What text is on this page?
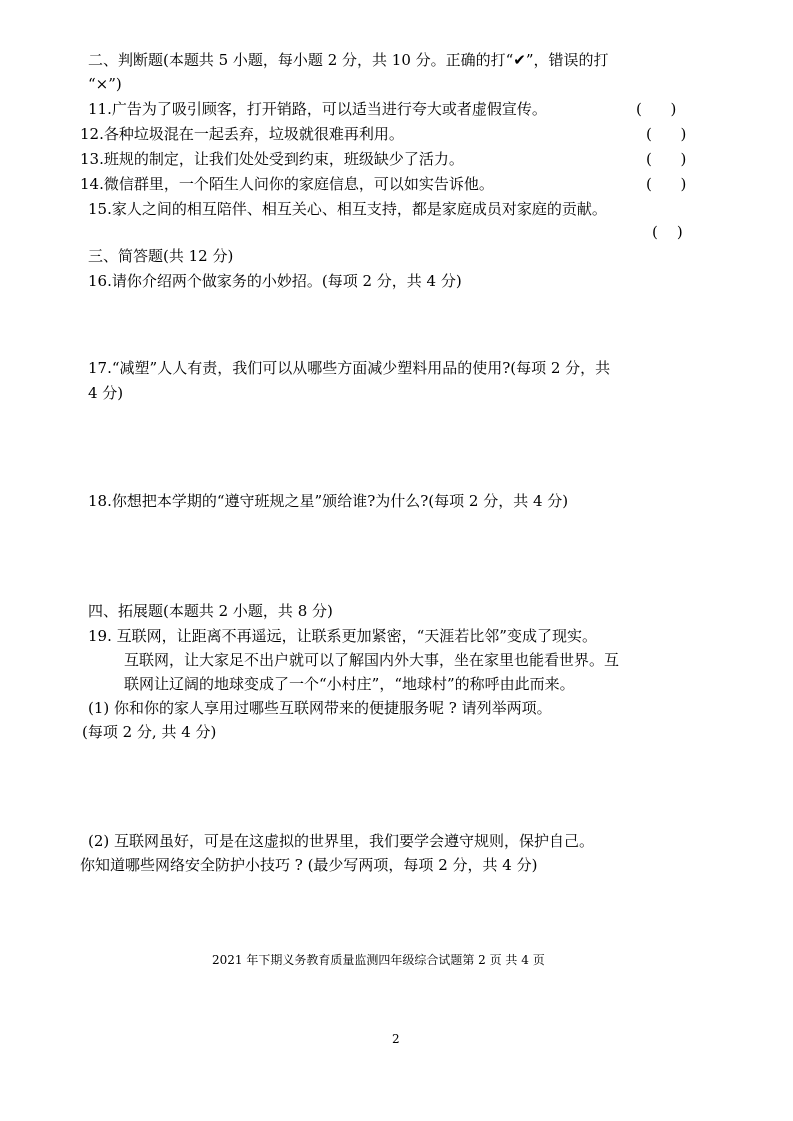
二、判断题(本题共 5 小题，每小题 2 分，共 10 分。正确的打“✔”，错误的打
“×”)
11.广告为了吸引顾客，打开销路，可以适当进行夸大或者虚假宣传。	(      )
12.各种垃圾混在一起丢弃，垃圾就很难再利用。	(      )
13.班规的制定，让我们处处受到约束，班级缺少了活力。	(      )
14.微信群里，一个陌生人问你的家庭信息，可以如实告诉他。	(      )
15.家人之间的相互陪伴、相互关心、相互支持，都是家庭成员对家庭的贡献。
(    )
三、简答题(共 12 分)
16.请你介绍两个做家务的小妙招。(每项 2 分，共 4 分)
17.“减塑”人人有责，我们可以从哪些方面减少塑料用品的使用?(每项 2 分，共
4 分)
18.你想把本学期的“遵守班规之星”颁给谁?为什么?(每项 2 分，共 4 分)
四、拓展题(本题共 2 小题，共 8 分)
19. 互联网，让距离不再遥远，让联系更加紧密，“天涯若比邻”变成了现实。
互联网，让大家足不出户就可以了解国内外大事，坐在家里也能看世界。互
联网让辽阔的地球变成了一个“小村庄”，“地球村”的称呼由此而来。
(1) 你和你的家人享用过哪些互联网带来的便捷服务呢 ? 请列举两项。
(每项 2 分, 共 4 分)
(2) 互联网虽好，可是在这虚拟的世界里，我们要学会遵守规则，保护自己。
你知道哪些网络安全防护小技巧 ? (最少写两项，每项 2 分，共 4 分)
2021 年下期义务教育质量监测四年级综合试题第 2 页 共 4 页
2
